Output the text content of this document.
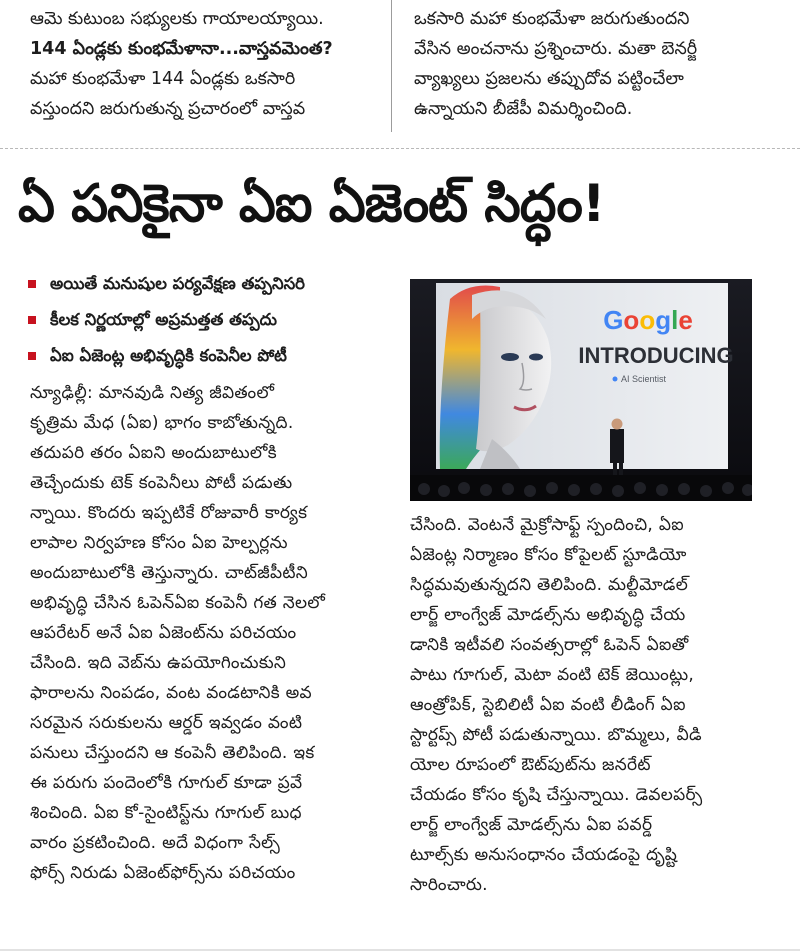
ఆమె కుటుంబ సభ్యులకు గాయాలయ్యాయి.
144 ఏండ్లకు కుంభమేళానా...వాస్తవమెంత?
మహా కుంభమేళా 144 ఏండ్లకు ఒకసారి
వస్తుందని జరుగుతున్న ప్రచారంలో వాస్తవ
ఒకసారి మహా కుంభమేళా జరుగుతుందని
వేసిన అంచనాను ప్రశ్నించారు. మతా బెనర్జీ
వ్యాఖ్యలు ప్రజలను తప్పుదోవ పట్టించేలా
ఉన్నాయని బీజేపీ విమర్శించింది.
ఏ పనికైనా ఏఐ ఏజెంట్ సిద్ధం!
అయితే మనుషుల పర్యవేక్షణ తప్పనిసరి
కీలక నిర్ణయాల్లో అప్రమత్తత తప్పదు
ఏఐ ఏజెంట్ల అభివృద్ధికి కంపెనీల పోటీ
Google
INTRODUCING
AI Scientist
న్యూఢిల్లీ: మానవుడి నిత్య జీవితంలో
కృత్రిమ మేధ (ఏఐ) భాగం కాబోతున్నది.
తదుపరి తరం ఏఐని అందుబాటులోకి
తెచ్చేందుకు టెక్ కంపెనీలు పోటీ పడుతు
న్నాయి. కొందరు ఇప్పటికే రోజువారీ కార్యక
లాపాల నిర్వహణ కోసం ఏఐ హెల్పర్లను
అందుబాటులోకి తెస్తున్నారు. చాట్‌జీపీటీని
అభివృద్ధి చేసిన ఓపెన్‌ఏఐ కంపెనీ గత నెలలో
ఆపరేటర్ అనే ఏఐ ఏజెంట్‌ను పరిచయం
చేసింది. ఇది వెబ్‌ను ఉపయోగించుకుని
ఫారాలను నింపడం, వంట వండటానికి అవ
సరమైన సరుకులను ఆర్డర్ ఇవ్వడం వంటి
పనులు చేస్తుందని ఆ కంపెనీ తెలిపింది. ఇక
ఈ పరుగు పందెంలోకి గూగుల్ కూడా ప్రవే
శించింది. ఏఐ కో-సైంటిస్ట్‌ను గూగుల్ బుధ
వారం ప్రకటించింది. అదే విధంగా సేల్స్
ఫోర్స్ నిరుడు ఏజెంట్‌ఫోర్స్‌ను పరిచయం
చేసింది. వెంటనే మైక్రోసాఫ్ట్ స్పందించి, ఏఐ
ఏజెంట్ల నిర్మాణం కోసం కోపైలట్ స్టూడియో
సిద్ధమవుతున్నదని తెలిపింది. మల్టీమోడల్
లార్జ్ లాంగ్వేజ్ మోడల్స్‌ను అభివృద్ధి చేయ
డానికి ఇటీవలి సంవత్సరాల్లో ఓపెన్ ఏఐతో
పాటు గూగుల్, మెటా వంటి టెక్ జెయింట్లు,
ఆంత్రోపిక్, స్టెబిలిటీ ఏఐ వంటి లీడింగ్ ఏఐ
స్టార్టప్స్ పోటీ పడుతున్నాయి. బొమ్మలు, వీడి
యోల రూపంలో ఔట్‌పుట్‌ను జనరేట్
చేయడం కోసం కృషి చేస్తున్నాయి. డెవలపర్స్
లార్జ్ లాంగ్వేజ్ మోడల్స్‌ను ఏఐ పవర్డ్
టూల్స్‌కు అనుసంధానం చేయడంపై దృష్టి
సారించారు.
